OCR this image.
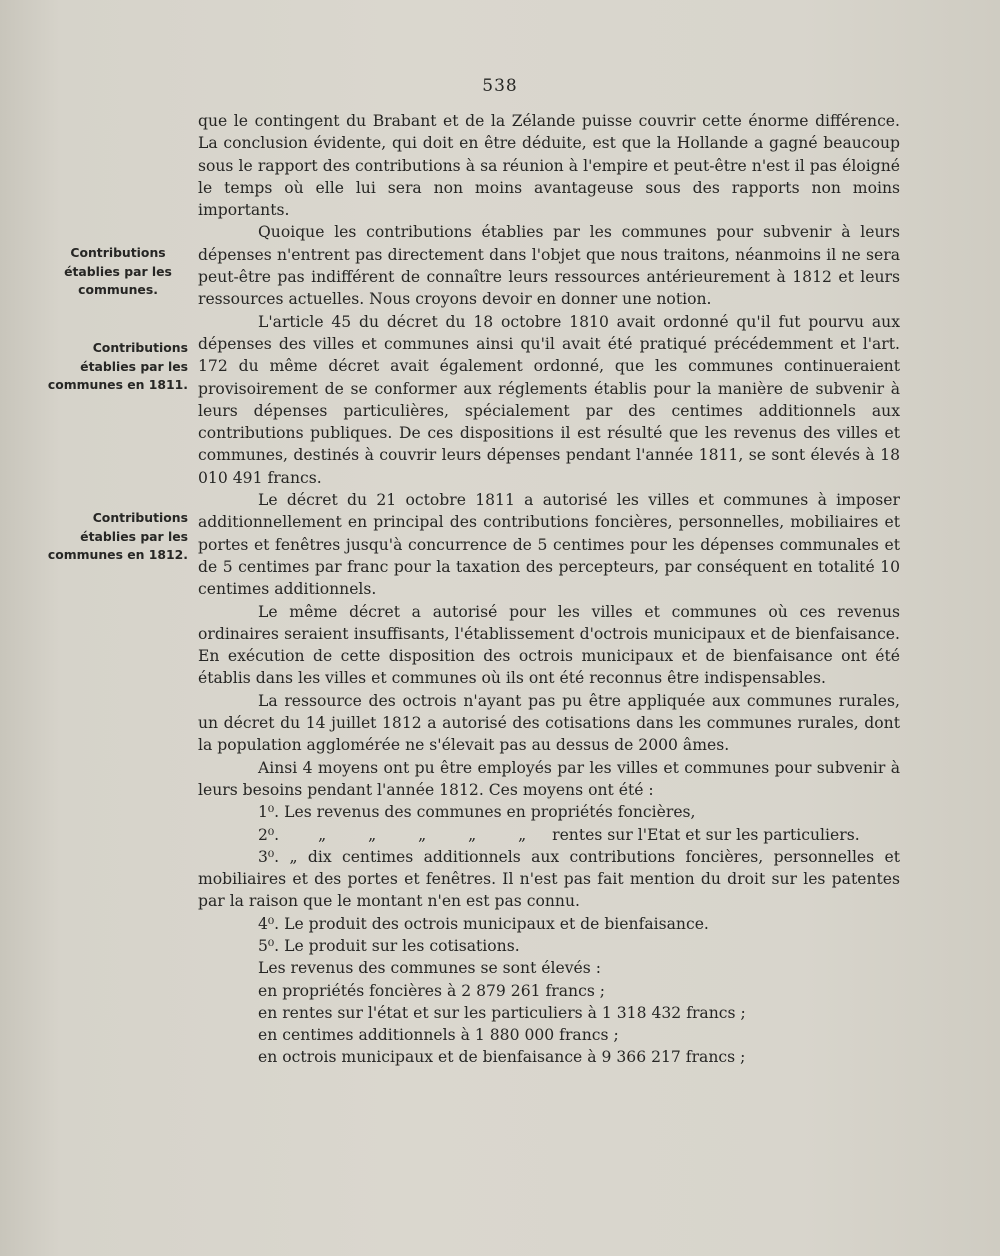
538

Contributions

établies par les

communes.

Contributions

établies par les

communes en 1811.

Contributions

établies par les

communes en 1812.

que le contingent du Brabant et de la Zélande puisse couvrir cette énorme différence. La conclusion évidente, qui doit en être déduite, est que la Hollande a gagné beaucoup sous le rapport des contributions à sa réunion à l'empire et peut-être n'est il pas éloigné le temps où elle lui sera non moins avantageuse sous des rapports non moins importants.

Quoique les contributions établies par les communes pour subvenir à leurs dépenses n'entrent pas directement dans l'objet que nous traitons, néanmoins il ne sera peut-être pas indifférent de connaître leurs ressources antérieurement à 1812 et leurs ressources actuelles. Nous croyons devoir en donner une notion.

L'article 45 du décret du 18 octobre 1810 avait ordonné qu'il fut pourvu aux dépenses des villes et communes ainsi qu'il avait été pratiqué précédemment et l'art. 172 du même décret avait également ordonné, que les communes continueraient provisoirement de se conformer aux réglements établis pour la manière de subvenir à leurs dépenses particulières, spécialement par des centimes additionnels aux contributions publiques. De ces dispositions il est résulté que les revenus des villes et communes, destinés à couvrir leurs dépenses pendant l'année 1811, se sont élevés à 18 010 491 francs.

Le décret du 21 octobre 1811 a autorisé les villes et communes à imposer additionnellement en principal des contributions foncières, personnelles, mobiliaires et portes et fenêtres jusqu'à concurrence de 5 centimes pour les dépenses communales et de 5 centimes par franc pour la taxation des percepteurs, par conséquent en totalité 10 centimes additionnels.

Le même décret a autorisé pour les villes et communes où ces revenus ordinaires seraient insuffisants, l'établissement d'octrois municipaux et de bienfaisance. En exécution de cette disposition des octrois municipaux et de bienfaisance ont été établis dans les villes et communes où ils ont été reconnus être indispensables.

La ressource des octrois n'ayant pas pu être appliquée aux communes rurales, un décret du 14 juillet 1812 a autorisé des cotisations dans les communes rurales, dont la population agglomérée ne s'élevait pas au dessus de 2000 âmes.

Ainsi 4 moyens ont pu être employés par les villes et communes pour subvenir à leurs besoins pendant l'année 1812. Ces moyens ont été :

1⁰. Les revenus des communes en propriétés foncières,

2⁰. „	„	„	„	„ rentes sur l'Etat et sur les particuliers.

3⁰. „ dix centimes additionnels aux contributions foncières, personnelles et mobiliaires et des portes et fenêtres. Il n'est pas fait mention du droit sur les patentes par la raison que le montant n'en est pas connu.

4⁰. Le produit des octrois municipaux et de bienfaisance.

5⁰. Le produit sur les cotisations.

Les revenus des communes se sont élevés :

en propriétés foncières à 2 879 261 francs ;

en rentes sur l'état et sur les particuliers à 1 318 432 francs ;

en centimes additionnels à 1 880 000 francs ;

en octrois municipaux et de bienfaisance à 9 366 217 francs ;
